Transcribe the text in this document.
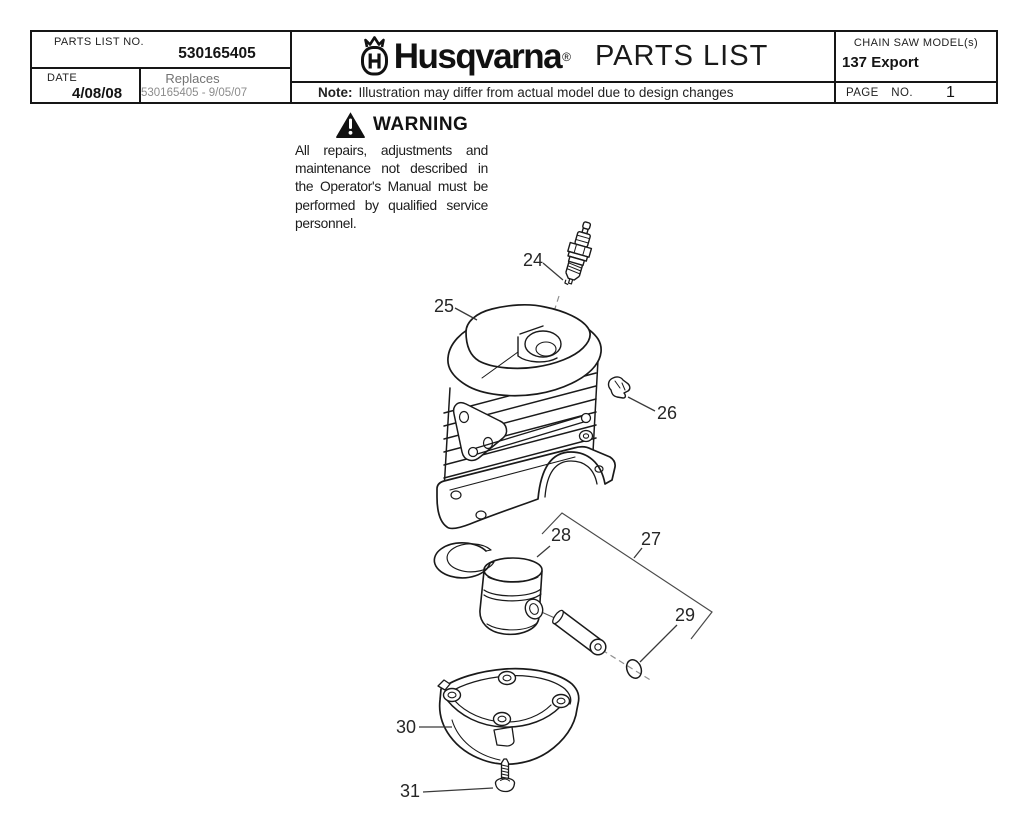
PARTS LIST NO.
530165405
DATE
4/08/08
Replaces
530165405 - 9/05/07
Husqvarna ® PARTS LIST
Note: Illustration may differ from actual model due to design changes
CHAIN SAW MODEL(s)
137 Export
PAGE NO. 1
WARNING
All repairs, adjustments and
maintenance not described in
the Operator's Manual must be
performed by qualified service
personnel.
24
25
26
27
28
29
30
31
